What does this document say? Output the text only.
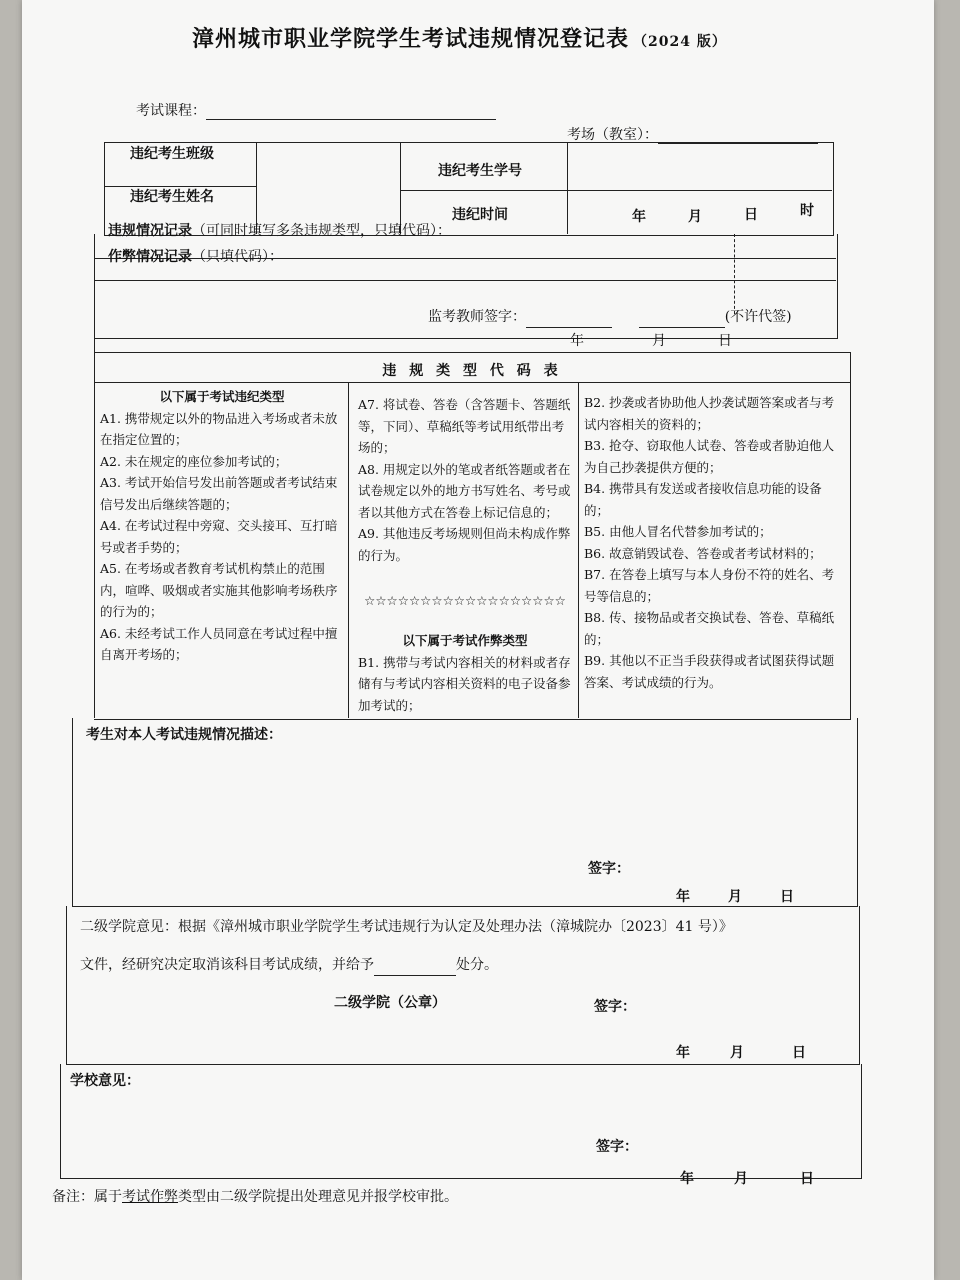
漳州城市职业学院学生考试违规情况登记表 （2024 版）
考试课程：
考场（教室）：
违纪考生班级
违纪考生姓名
违纪考生学号
违纪时间	年	月	日	时
违规情况记录（可同时填写多条违规类型，只填代码）：
作弊情况记录（只填代码）：
监考教师签字：	(不许代签)
年	月	日
违 规 类 型 代 码 表

以下属于考试违纪类型

A1. 携带规定以外的物品进入考场或者未放在指定位置的；

A2. 未在规定的座位参加考试的；

A3. 考试开始信号发出前答题或者考试结束信号发出后继续答题的；

A4. 在考试过程中旁窥、交头接耳、互打暗号或者手势的；

A5. 在考场或者教育考试机构禁止的范围内，喧哗、吸烟或者实施其他影响考场秩序的行为的；

A6. 未经考试工作人员同意在考试过程中擅自离开考场的；

A7. 将试卷、答卷（含答题卡、答题纸等，下同）、草稿纸等考试用纸带出考场的；

A8. 用规定以外的笔或者纸答题或者在试卷规定以外的地方书写姓名、考号或者以其他方式在答卷上标记信息的；

A9. 其他违反考场规则但尚未构成作弊的行为。

☆☆☆☆☆☆☆☆☆☆☆☆☆☆☆☆☆☆

以下属于考试作弊类型

B1. 携带与考试内容相关的材料或者存储有与考试内容相关资料的电子设备参加考试的；

B2. 抄袭或者协助他人抄袭试题答案或者与考试内容相关的资料的；

B3. 抢夺、窃取他人试卷、答卷或者胁迫他人为自己抄袭提供方便的；

B4. 携带具有发送或者接收信息功能的设备的；

B5. 由他人冒名代替参加考试的；

B6. 故意销毁试卷、答卷或者考试材料的；

B7. 在答卷上填写与本人身份不符的姓名、考号等信息的；

B8. 传、接物品或者交换试卷、答卷、草稿纸的；

B9. 其他以不正当手段获得或者试图获得试题答案、考试成绩的行为。

考生对本人考试违规情况描述：
签字：
年	月	日
二级学院意见：根据《漳州城市职业学院学生考试违规行为认定及处理办法（漳城院办〔2023〕41 号）》
文件，经研究决定取消该科目考试成绩，并给予	处分。
二级学院（公章）	签字：
年	月	日
学校意见：
签字：
年	月	日
备注：属于考试作弊类型由二级学院提出处理意见并报学校审批。
